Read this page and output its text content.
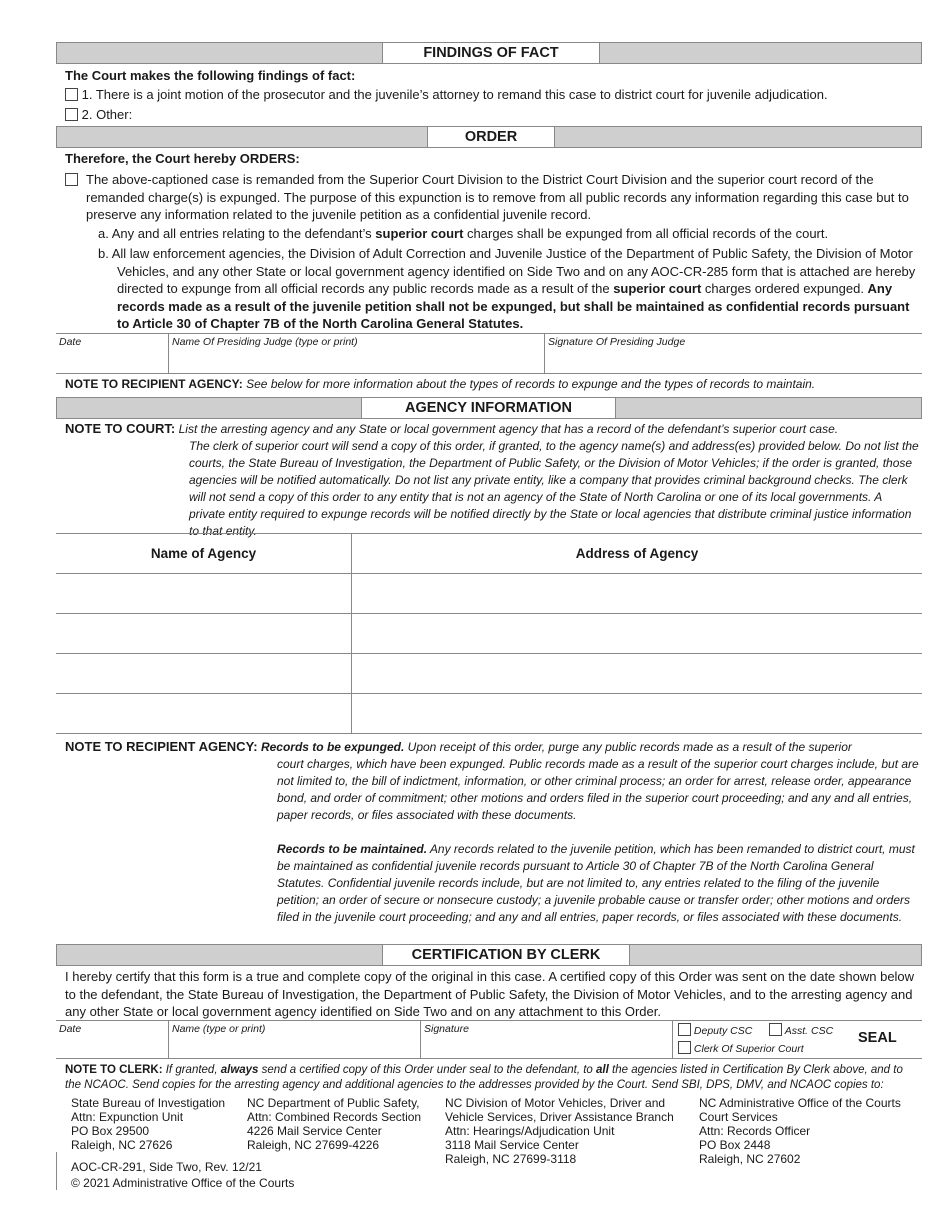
FINDINGS OF FACT
The Court makes the following findings of fact:
1. There is a joint motion of the prosecutor and the juvenile’s attorney to remand this case to district court for juvenile adjudication.
2. Other:
ORDER
Therefore, the Court hereby ORDERS:
The above-captioned case is remanded from the Superior Court Division to the District Court Division and the superior court record of the remanded charge(s) is expunged. The purpose of this expunction is to remove from all public records any information regarding this case but to preserve any information related to the juvenile petition as a confidential juvenile record.
a. Any and all entries relating to the defendant’s superior court charges shall be expunged from all official records of the court.
b. All law enforcement agencies, the Division of Adult Correction and Juvenile Justice of the Department of Public Safety, the Division of Motor Vehicles, and any other State or local government agency identified on Side Two and on any AOC-CR-285 form that is attached are hereby directed to expunge from all official records any public records made as a result of the superior court charges ordered expunged. Any records made as a result of the juvenile petition shall not be expunged, but shall be maintained as confidential records pursuant to Article 30 of Chapter 7B of the North Carolina General Statutes.
Date	Name Of Presiding Judge (type or print)	Signature Of Presiding Judge
NOTE TO RECIPIENT AGENCY: See below for more information about the types of records to expunge and the types of records to maintain.
AGENCY INFORMATION
NOTE TO COURT: List the arresting agency and any State or local government agency that has a record of the defendant’s superior court case.
The clerk of superior court will send a copy of this order, if granted, to the agency name(s) and address(es) provided below. Do not list the courts, the State Bureau of Investigation, the Department of Public Safety, or the Division of Motor Vehicles; if the order is granted, those agencies will be notified automatically. Do not list any private entity, like a company that provides criminal background checks. The clerk will not send a copy of this order to any entity that is not an agency of the State of North Carolina or one of its local governments. A private entity required to expunge records will be notified directly by the State or local agencies that distribute criminal justice information to that entity.
Name of Agency	Address of Agency

NOTE TO RECIPIENT AGENCY: Records to be expunged. Upon receipt of this order, purge any public records made as a result of the superior
court charges, which have been expunged. Public records made as a result of the superior court charges include, but are not limited to, the bill of indictment, information, or other criminal process; an order for arrest, release order, appearance bond, and order of commitment; other motions and orders filed in the superior court proceeding; and any and all entries, paper records, or files associated with these documents.
Records to be maintained. Any records related to the juvenile petition, which has been remanded to district court, must be maintained as confidential juvenile records pursuant to Article 30 of Chapter 7B of the North Carolina General Statutes. Confidential juvenile records include, but are not limited to, any entries related to the filing of the juvenile petition; an order of secure or nonsecure custody; a juvenile probable cause or transfer order; other motions and orders filed in the juvenile court proceeding; and any and all entries, paper records, or files associated with these documents.
CERTIFICATION BY CLERK
I hereby certify that this form is a true and complete copy of the original in this case. A certified copy of this Order was sent on the date shown below to the defendant, the State Bureau of Investigation, the Department of Public Safety, the Division of Motor Vehicles, and to the arresting agency and any other State or local government agency identified on Side Two and on any attachment to this Order.
Date	Name (type or print)	Signature	Deputy CSC	Asst. CSC
Clerk Of Superior Court
SEAL
NOTE TO CLERK: If granted, always send a certified copy of this Order under seal to the defendant, to all the agencies listed in Certification By Clerk above, and to the NCAOC. Send copies for the arresting agency and additional agencies to the addresses provided by the Court. Send SBI, DPS, DMV, and NCAOC copies to:
State Bureau of Investigation
Attn: Expunction Unit
PO Box 29500
Raleigh, NC 27626
NC Department of Public Safety,
Attn: Combined Records Section
4226 Mail Service Center
Raleigh, NC 27699-4226
NC Division of Motor Vehicles, Driver and
Vehicle Services, Driver Assistance Branch
Attn: Hearings/Adjudication Unit
3118 Mail Service Center
Raleigh, NC 27699-3118
NC Administrative Office of the Courts
Court Services
Attn: Records Officer
PO Box 2448
Raleigh, NC 27602
AOC-CR-291, Side Two, Rev. 12/21
© 2021 Administrative Office of the Courts
